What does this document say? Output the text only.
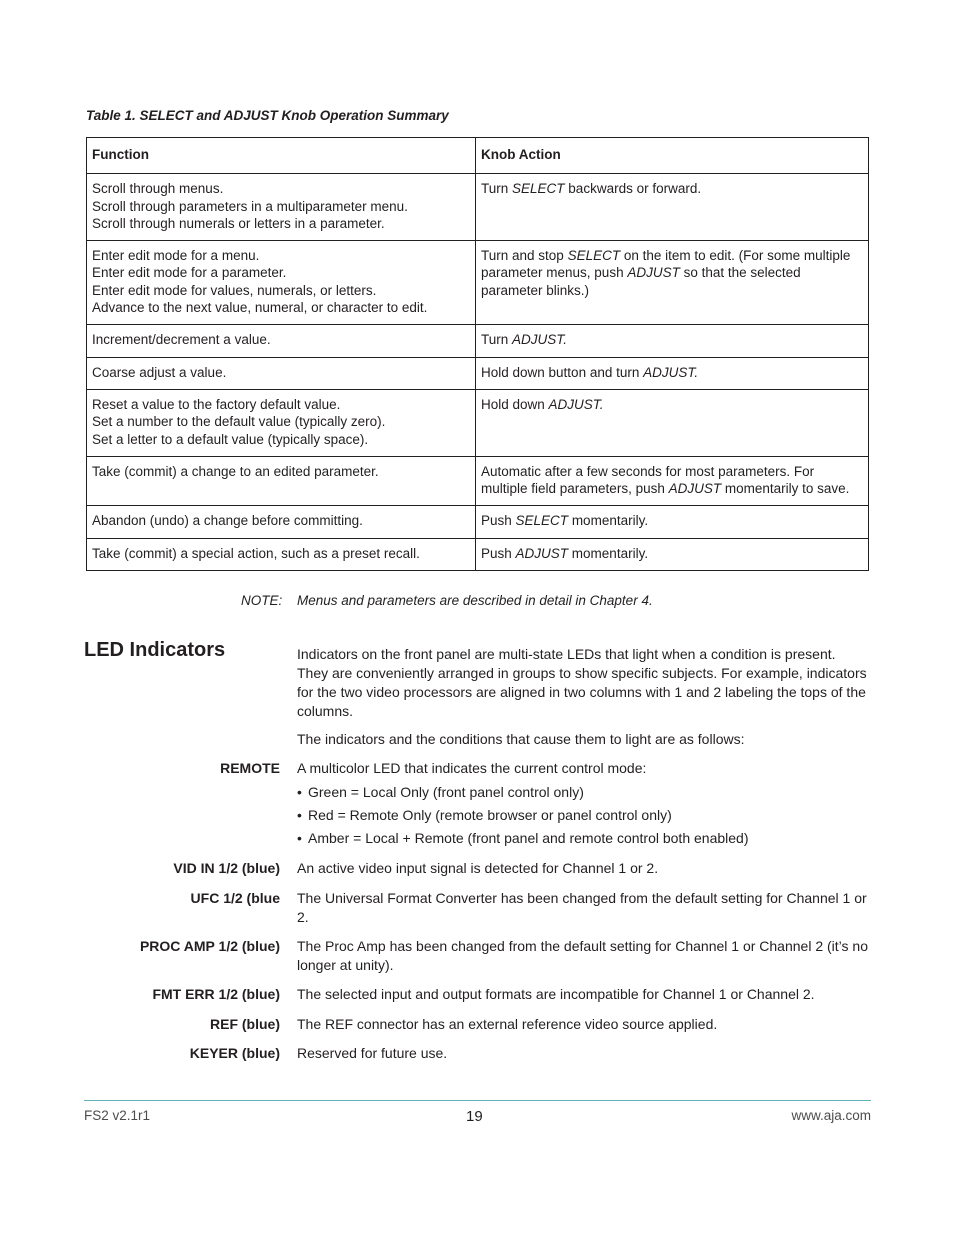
Table 1. SELECT and ADJUST Knob Operation Summary
Function	Knob Action

Scroll through menus.
Scroll through parameters in a multiparameter menu.
Scroll through numerals or letters in a parameter.	Turn SELECT backwards or forward.

Enter edit mode for a menu.
Enter edit mode for a parameter.
Enter edit mode for values, numerals, or letters.
Advance to the next value, numeral, or character to edit.	Turn and stop SELECT on the item to edit. (For some multiple parameter menus, push ADJUST so that the selected parameter blinks.)

Increment/decrement a value.	Turn ADJUST.

Coarse adjust a value.	Hold down button and turn ADJUST.

Reset a value to the factory default value.
Set a number to the default value (typically zero).
Set a letter to a default value (typically space).	Hold down ADJUST.

Take (commit) a change to an edited parameter.	Automatic after a few seconds for most parameters. For multiple field parameters, push ADJUST momentarily to save.

Abandon (undo) a change before committing.	Push SELECT momentarily.

Take (commit) a special action, such as a preset recall.	Push ADJUST momentarily.
NOTE: Menus and parameters are described in detail in Chapter 4.
LED Indicators	Indicators on the front panel are multi-state LEDs that light when a condition is present. They are conveniently arranged in groups to show specific subjects. For example, indicators for the two video processors are aligned in two columns with 1 and 2 labeling the tops of the columns.
The indicators and the conditions that cause them to light are as follows:
REMOTE A multicolor LED that indicates the current control mode:
• Green = Local Only (front panel control only)
• Red = Remote Only (remote browser or panel control only)
• Amber = Local + Remote (front panel and remote control both enabled)
VID IN 1/2 (blue) An active video input signal is detected for Channel 1 or 2.
UFC 1/2 (blue The Universal Format Converter has been changed from the default setting for Channel 1 or 2.
PROC AMP 1/2 (blue) The Proc Amp has been changed from the default setting for Channel 1 or Channel 2 (it’s no longer at unity).
FMT ERR 1/2 (blue) The selected input and output formats are incompatible for Channel 1 or Channel 2.
REF (blue) The REF connector has an external reference video source applied.
KEYER (blue) Reserved for future use.
FS2 v2.1r1	19	www.aja.com
